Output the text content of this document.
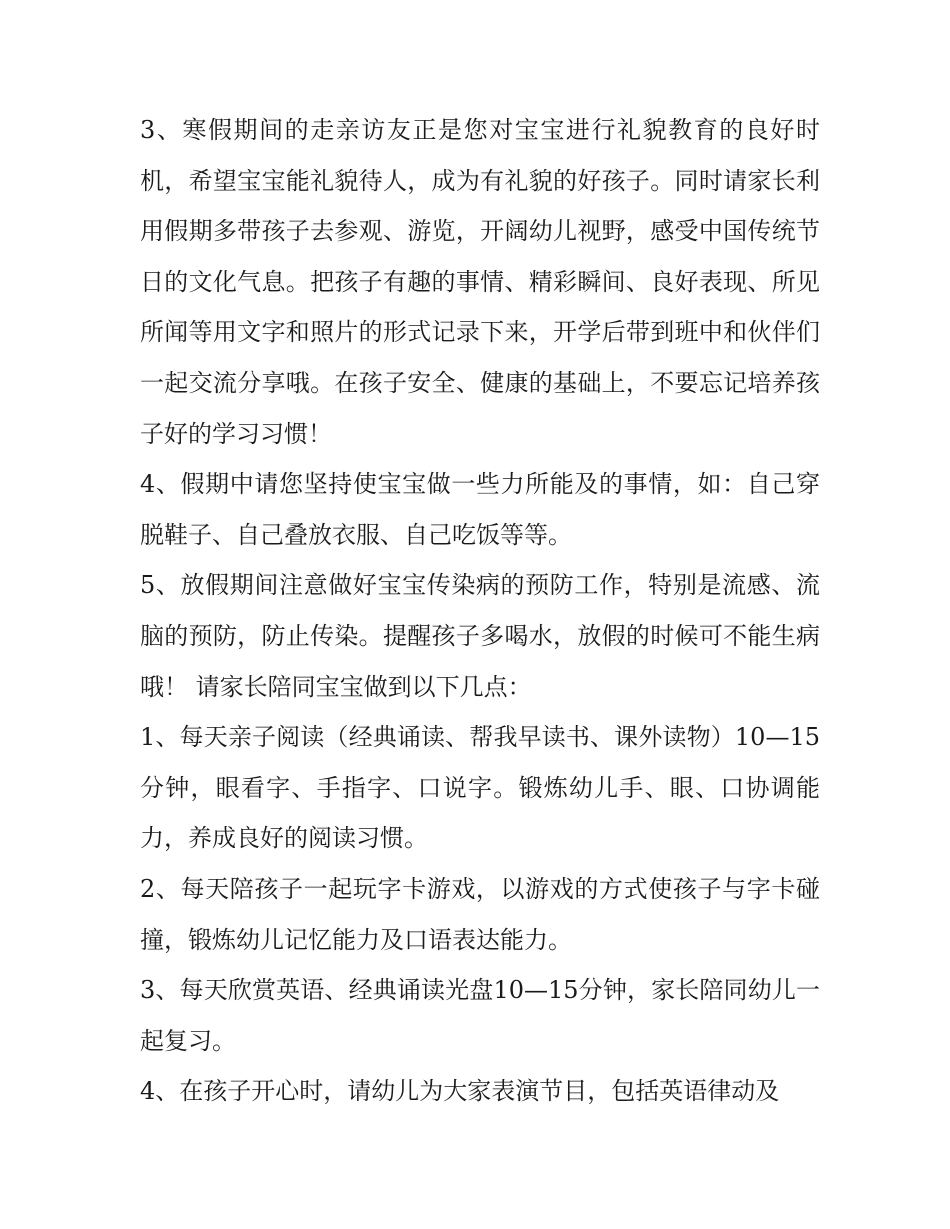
3、寒假期间的走亲访友正是您对宝宝进行礼貌教育的良好时机，希望宝宝能礼貌待人，成为有礼貌的好孩子。同时请家长利用假期多带孩子去参观、游览，开阔幼儿视野，感受中国传统节日的文化气息。把孩子有趣的事情、精彩瞬间、良好表现、所见所闻等用文字和照片的形式记录下来，开学后带到班中和伙伴们一起交流分享哦。在孩子安全、健康的基础上，不要忘记培养孩子好的学习习惯！

4、假期中请您坚持使宝宝做一些力所能及的事情，如：自己穿脱鞋子、自己叠放衣服、自己吃饭等等。

5、放假期间注意做好宝宝传染病的预防工作，特别是流感、流脑的预防，防止传染。提醒孩子多喝水，放假的时候可不能生病哦！ 请家长陪同宝宝做到以下几点：

1、每天亲子阅读（经典诵读、帮我早读书、课外读物）10—15分钟，眼看字、手指字、口说字。锻炼幼儿手、眼、口协调能力，养成良好的阅读习惯。

2、每天陪孩子一起玩字卡游戏，以游戏的方式使孩子与字卡碰撞，锻炼幼儿记忆能力及口语表达能力。

3、每天欣赏英语、经典诵读光盘10—15分钟，家长陪同幼儿一起复习。

4、在孩子开心时，请幼儿为大家表演节目，包括英语律动及
